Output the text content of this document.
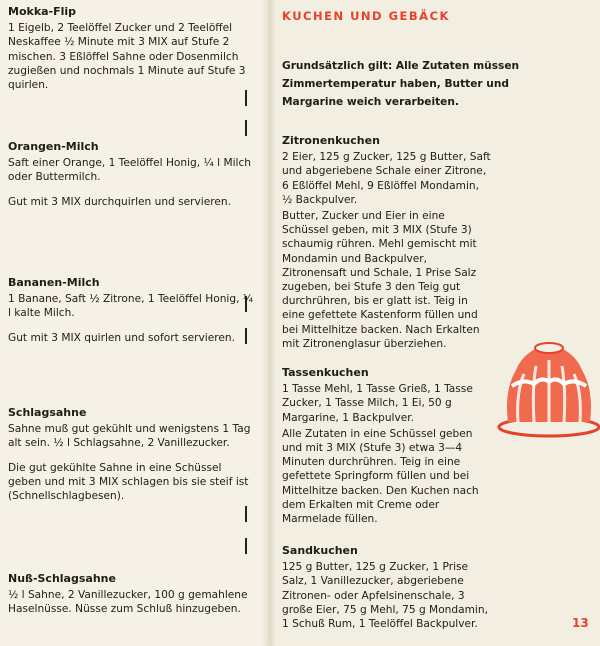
Mokka-Flip

1 Eigelb, 2 Teelöffel Zucker und 2 Teelöffel Neskaffee ½ Minute mit 3 MIX auf Stufe 2 mischen. 3 Eßlöffel Sahne oder Dosenmilch zugießen und nochmals 1 Minute auf Stufe 3 quirlen.

Orangen-Milch

Saft einer Orange, 1 Teelöffel Honig, ¼ l Milch oder Buttermilch.

Gut mit 3 MIX durchquirlen und servieren.

Bananen-Milch

1 Banane, Saft ½ Zitrone, 1 Teelöffel Honig, ¼ l kalte Milch.

Gut mit 3 MIX quirlen und sofort servieren.

Schlagsahne

Sahne muß gut gekühlt und wenigstens 1 Tag alt sein. ½ l Schlagsahne, 2 Vanillezucker.

Die gut gekühlte Sahne in eine Schüssel geben und mit 3 MIX schlagen bis sie steif ist (Schnellschlagbesen).

Nuß-Schlagsahne

½ l Sahne, 2 Vanillezucker, 100 g gemahlene Haselnüsse. Nüsse zum Schluß hinzugeben.

KUCHEN UND GEBÄCK
Grundsätzlich gilt: Alle Zutaten müssen Zimmertemperatur haben, Butter und Margarine weich verarbeiten.
Zitronenkuchen

2 Eier, 125 g Zucker, 125 g Butter, Saft und abgeriebene Schale einer Zitrone, 6 Eßlöffel Mehl, 9 Eßlöffel Mondamin, ½ Backpulver.

Butter, Zucker und Eier in eine Schüssel geben, mit 3 MIX (Stufe 3) schaumig rühren. Mehl gemischt mit Mondamin und Backpulver, Zitronensaft und Schale, 1 Prise Salz zugeben, bei Stufe 3 den Teig gut durchrühren, bis er glatt ist. Teig in eine gefettete Kastenform füllen und bei Mittelhitze backen. Nach Erkalten mit Zitronenglasur überziehen.

Tassenkuchen

1 Tasse Mehl, 1 Tasse Grieß, 1 Tasse Zucker, 1 Tasse Milch, 1 Ei, 50 g Margarine, 1 Backpulver.

Alle Zutaten in eine Schüssel geben und mit 3 MIX (Stufe 3) etwa 3—4 Minuten durchrühren. Teig in eine gefettete Springform füllen und bei Mittelhitze backen. Den Kuchen nach dem Erkalten mit Creme oder Marmelade füllen.

Sandkuchen

125 g Butter, 125 g Zucker, 1 Prise Salz, 1 Vanillezucker, abgeriebene Zitronen- oder Apfelsinenschale, 3 große Eier, 75 g Mehl, 75 g Mondamin, 1 Schuß Rum, 1 Teelöffel Backpulver.	13
